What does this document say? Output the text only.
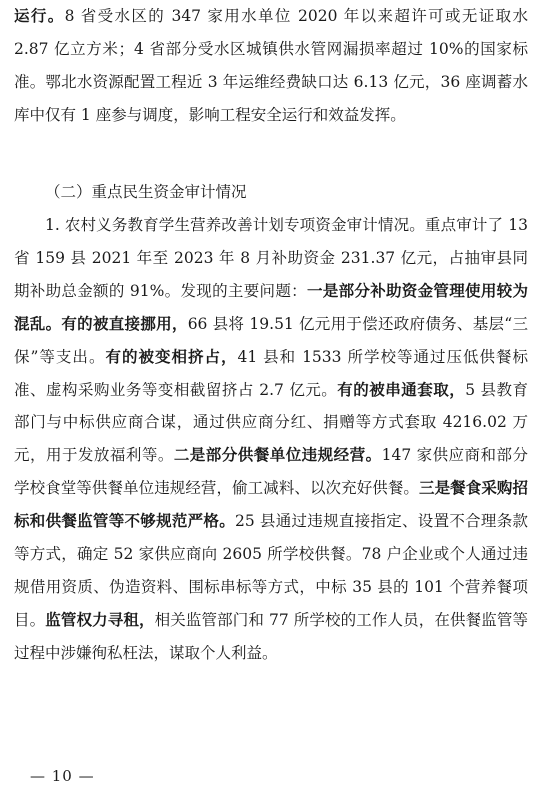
运行。8 省受水区的 347 家用水单位 2020 年以来超许可或无证取水 2.87 亿立方米；4 省部分受水区城镇供水管网漏损率超过 10%的国家标准。鄂北水资源配置工程近 3 年运维经费缺口达 6.13 亿元，36 座调蓄水库中仅有 1 座参与调度，影响工程安全运行和效益发挥。

（二）重点民生资金审计情况

1. 农村义务教育学生营养改善计划专项资金审计情况。重点审计了 13 省 159 县 2021 年至 2023 年 8 月补助资金 231.37 亿元，占抽审县同期补助总金额的 91%。发现的主要问题：一是部分补助资金管理使用较为混乱。有的被直接挪用，66 县将 19.51 亿元用于偿还政府债务、基层“三保”等支出。有的被变相挤占，41 县和 1533 所学校等通过压低供餐标准、虚构采购业务等变相截留挤占 2.7 亿元。有的被串通套取，5 县教育部门与中标供应商合谋，通过供应商分红、捐赠等方式套取 4216.02 万元，用于发放福利等。二是部分供餐单位违规经营。147 家供应商和部分学校食堂等供餐单位违规经营，偷工减料、以次充好供餐。三是餐食采购招标和供餐监管等不够规范严格。25 县通过违规直接指定、设置不合理条款等方式，确定 52 家供应商向 2605 所学校供餐。78 户企业或个人通过违规借用资质、伪造资料、围标串标等方式，中标 35 县的 101 个营养餐项目。监管权力寻租，相关监管部门和 77 所学校的工作人员，在供餐监管等过程中涉嫌徇私枉法，谋取个人利益。

— 10 —
